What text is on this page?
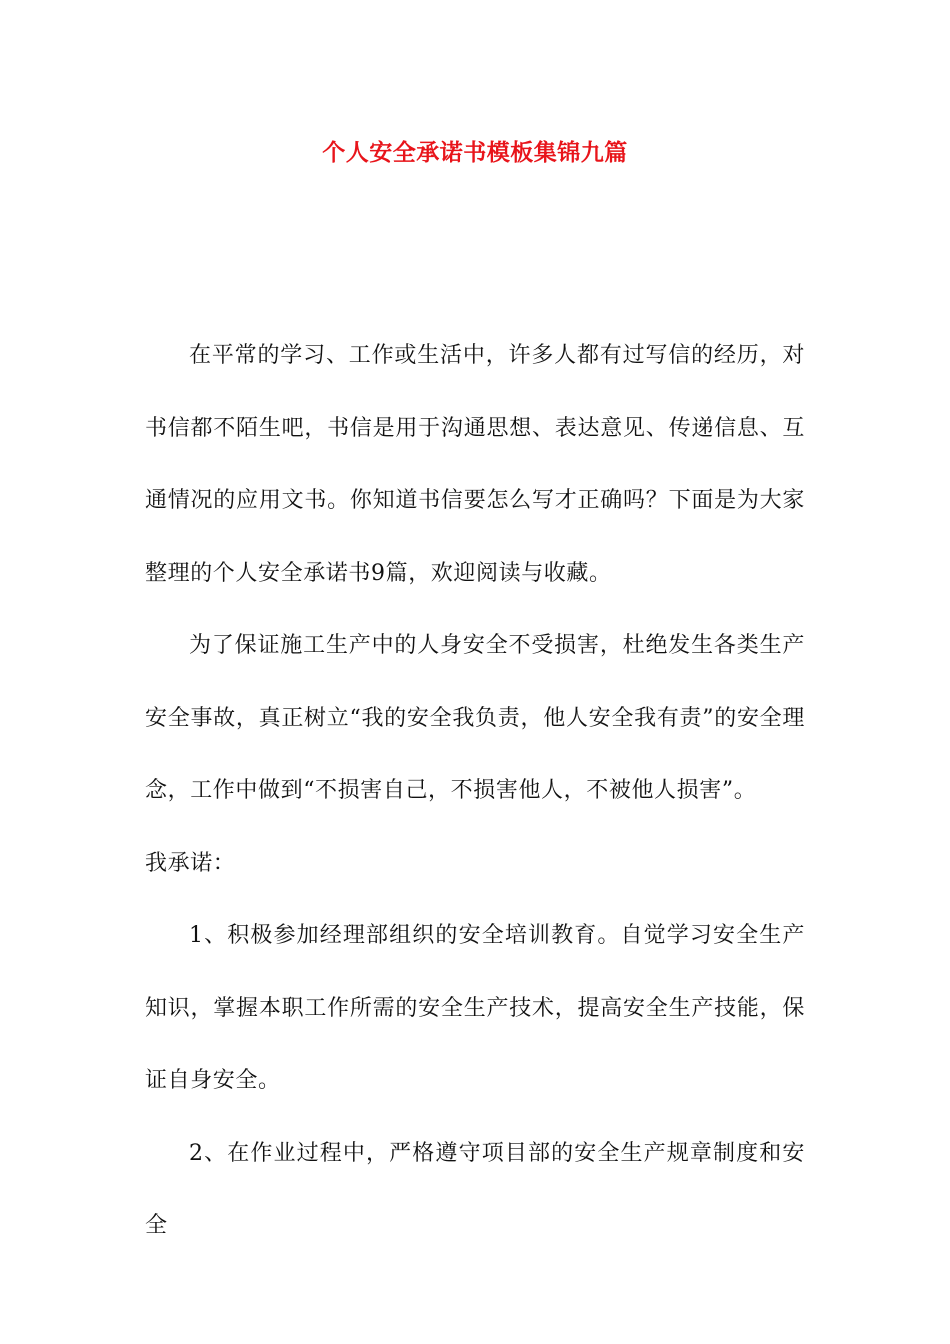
个人安全承诺书模板集锦九篇

在平常的学习、工作或生活中，许多人都有过写信的经历，对书信都不陌生吧，书信是用于沟通思想、表达意见、传递信息、互通情况的应用文书。你知道书信要怎么写才正确吗？下面是为大家整理的个人安全承诺书9篇，欢迎阅读与收藏。

为了保证施工生产中的人身安全不受损害，杜绝发生各类生产安全事故，真正树立“我的安全我负责，他人安全我有责”的安全理念，工作中做到“不损害自己，不损害他人，不被他人损害”。

我承诺：

1、积极参加经理部组织的安全培训教育。自觉学习安全生产知识，掌握本职工作所需的安全生产技术，提高安全生产技能，保证自身安全。

2、在作业过程中，严格遵守项目部的安全生产规章制度和安全
